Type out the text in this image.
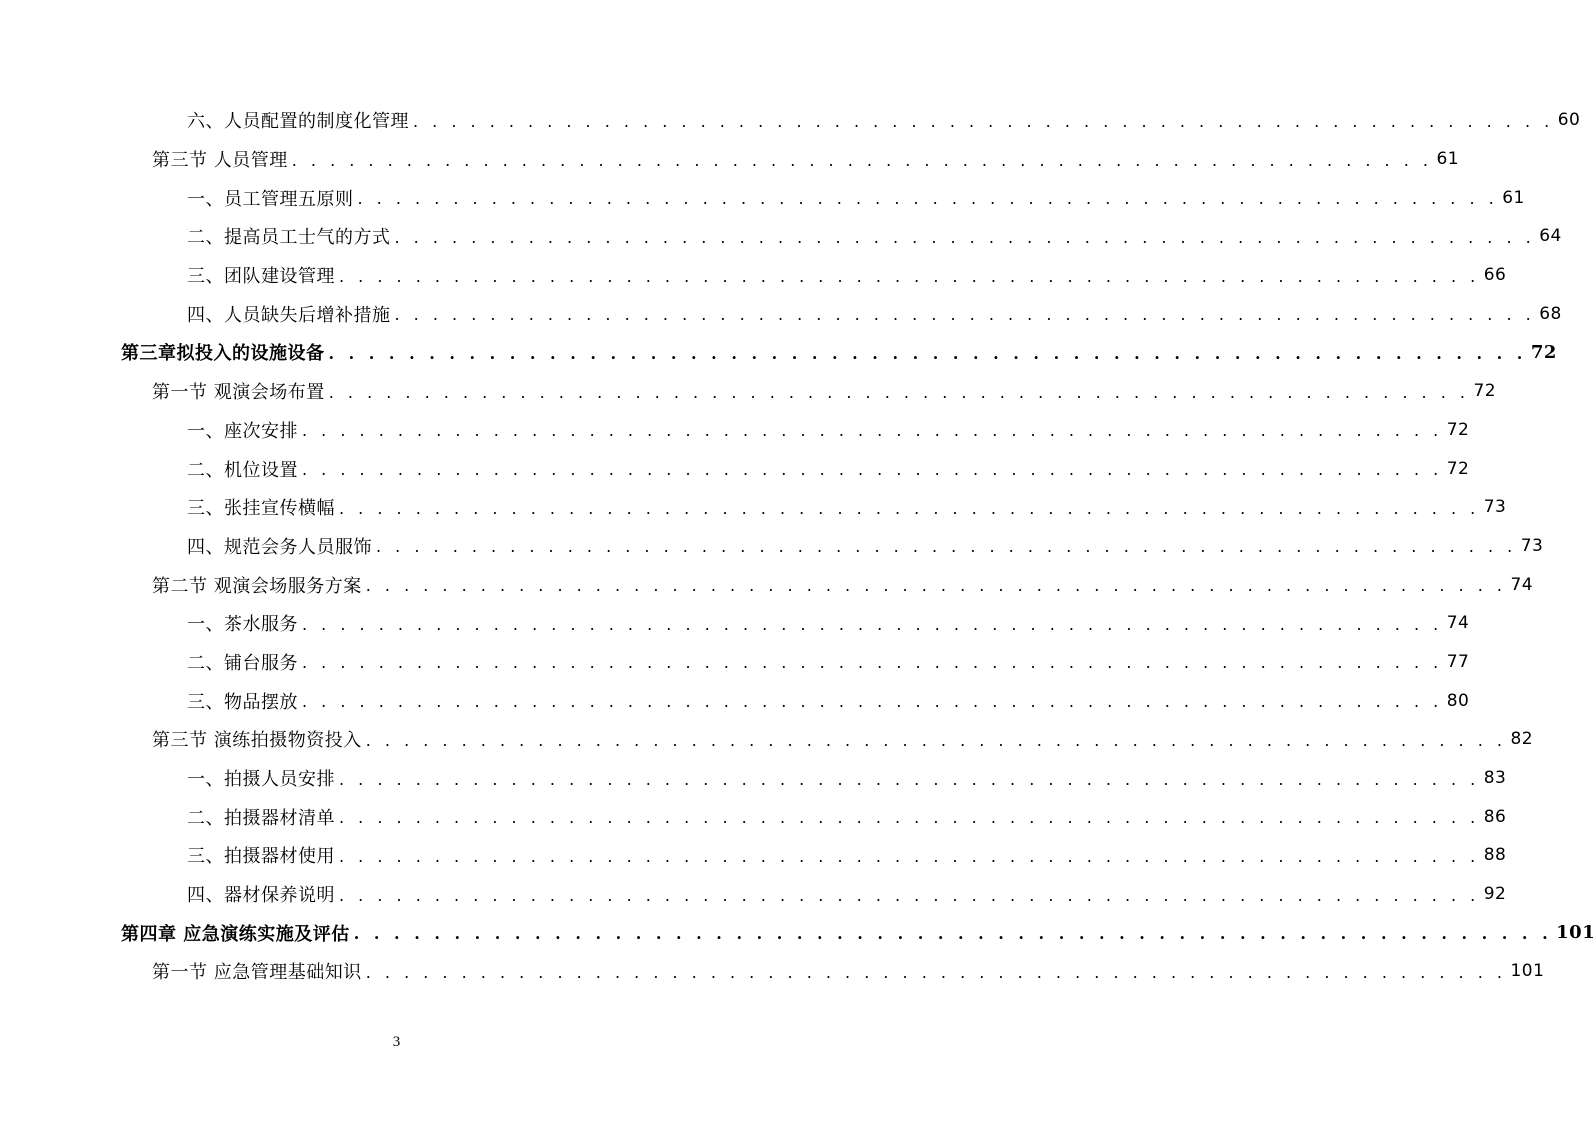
六、人员配置的制度化管理 . . . . . . . . . . . . . . . . . . . . . . . . . . . . . . . . . . . . . . . . . . . . . . . . . . . . . . . . . . . . 60
第三节 人员管理 . . . . . . . . . . . . . . . . . . . . . . . . . . . . . . . . . . . . . . . . . . . . . . . . . . . . . . . . . . . . 61
一、员工管理五原则 . . . . . . . . . . . . . . . . . . . . . . . . . . . . . . . . . . . . . . . . . . . . . . . . . . . . . . . . . . . . 61
二、提高员工士气的方式 . . . . . . . . . . . . . . . . . . . . . . . . . . . . . . . . . . . . . . . . . . . . . . . . . . . . . . . . . . . . 64
三、团队建设管理 . . . . . . . . . . . . . . . . . . . . . . . . . . . . . . . . . . . . . . . . . . . . . . . . . . . . . . . . . . . . 66
四、人员缺失后增补措施 . . . . . . . . . . . . . . . . . . . . . . . . . . . . . . . . . . . . . . . . . . . . . . . . . . . . . . . . . . . . 68
第三章拟投入的设施设备 . . . . . . . . . . . . . . . . . . . . . . . . . . . . . . . . . . . . . . . . . . . . . . . . . . . . . . . . . . . . 72
第一节 观演会场布置 . . . . . . . . . . . . . . . . . . . . . . . . . . . . . . . . . . . . . . . . . . . . . . . . . . . . . . . . . . . . 72
一、座次安排 . . . . . . . . . . . . . . . . . . . . . . . . . . . . . . . . . . . . . . . . . . . . . . . . . . . . . . . . . . . . 72
二、机位设置 . . . . . . . . . . . . . . . . . . . . . . . . . . . . . . . . . . . . . . . . . . . . . . . . . . . . . . . . . . . . 72
三、张挂宣传横幅 . . . . . . . . . . . . . . . . . . . . . . . . . . . . . . . . . . . . . . . . . . . . . . . . . . . . . . . . . . . . 73
四、规范会务人员服饰 . . . . . . . . . . . . . . . . . . . . . . . . . . . . . . . . . . . . . . . . . . . . . . . . . . . . . . . . . . . . 73
第二节 观演会场服务方案 . . . . . . . . . . . . . . . . . . . . . . . . . . . . . . . . . . . . . . . . . . . . . . . . . . . . . . . . . . . . 74
一、茶水服务 . . . . . . . . . . . . . . . . . . . . . . . . . . . . . . . . . . . . . . . . . . . . . . . . . . . . . . . . . . . . 74
二、铺台服务 . . . . . . . . . . . . . . . . . . . . . . . . . . . . . . . . . . . . . . . . . . . . . . . . . . . . . . . . . . . . 77
三、物品摆放 . . . . . . . . . . . . . . . . . . . . . . . . . . . . . . . . . . . . . . . . . . . . . . . . . . . . . . . . . . . . 80
第三节 演练拍摄物资投入 . . . . . . . . . . . . . . . . . . . . . . . . . . . . . . . . . . . . . . . . . . . . . . . . . . . . . . . . . . . . 82
一、拍摄人员安排 . . . . . . . . . . . . . . . . . . . . . . . . . . . . . . . . . . . . . . . . . . . . . . . . . . . . . . . . . . . . 83
二、拍摄器材清单 . . . . . . . . . . . . . . . . . . . . . . . . . . . . . . . . . . . . . . . . . . . . . . . . . . . . . . . . . . . . 86
三、拍摄器材使用 . . . . . . . . . . . . . . . . . . . . . . . . . . . . . . . . . . . . . . . . . . . . . . . . . . . . . . . . . . . . 88
四、器材保养说明 . . . . . . . . . . . . . . . . . . . . . . . . . . . . . . . . . . . . . . . . . . . . . . . . . . . . . . . . . . . . 92
第四章 应急演练实施及评估 . . . . . . . . . . . . . . . . . . . . . . . . . . . . . . . . . . . . . . . . . . . . . . . . . . . . . . . . . . . . 101
第一节 应急管理基础知识 . . . . . . . . . . . . . . . . . . . . . . . . . . . . . . . . . . . . . . . . . . . . . . . . . . . . . . . . . . . . 101
3
